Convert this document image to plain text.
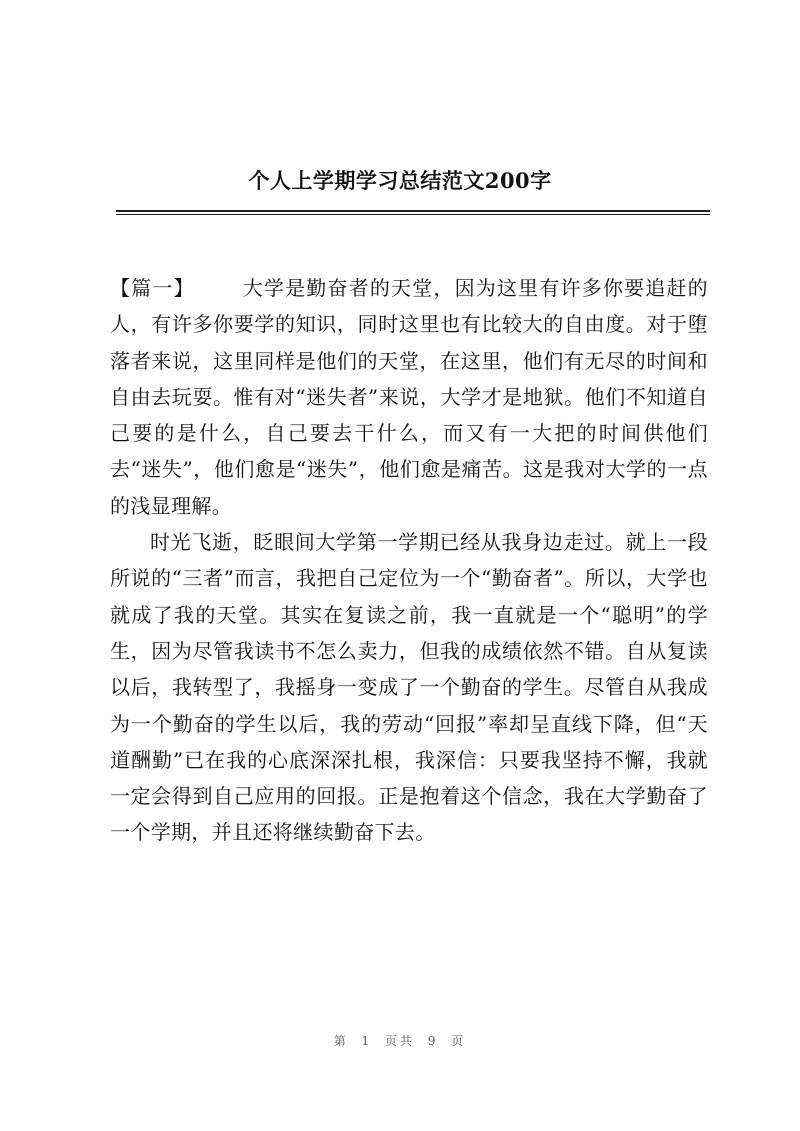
个人上学期学习总结范文200字

【篇一】 大学是勤奋者的天堂，因为这里有许多你要追赶的人，有许多你要学的知识，同时这里也有比较大的自由度。对于堕落者来说，这里同样是他们的天堂，在这里，他们有无尽的时间和自由去玩耍。惟有对“迷失者”来说，大学才是地狱。他们不知道自己要的是什么，自己要去干什么，而又有一大把的时间供他们去“迷失”，他们愈是“迷失”，他们愈是痛苦。这是我对大学的一点的浅显理解。

时光飞逝，眨眼间大学第一学期已经从我身边走过。就上一段所说的“三者”而言，我把自己定位为一个“勤奋者”。所以，大学也就成了我的天堂。其实在复读之前，我一直就是一个“聪明”的学生，因为尽管我读书不怎么卖力，但我的成绩依然不错。自从复读以后，我转型了，我摇身一变成了一个勤奋的学生。尽管自从我成为一个勤奋的学生以后，我的劳动“回报”率却呈直线下降，但“天道酬勤”已在我的心底深深扎根，我深信：只要我坚持不懈，我就一定会得到自己应用的回报。正是抱着这个信念，我在大学勤奋了一个学期，并且还将继续勤奋下去。

第 1 页共 9 页
